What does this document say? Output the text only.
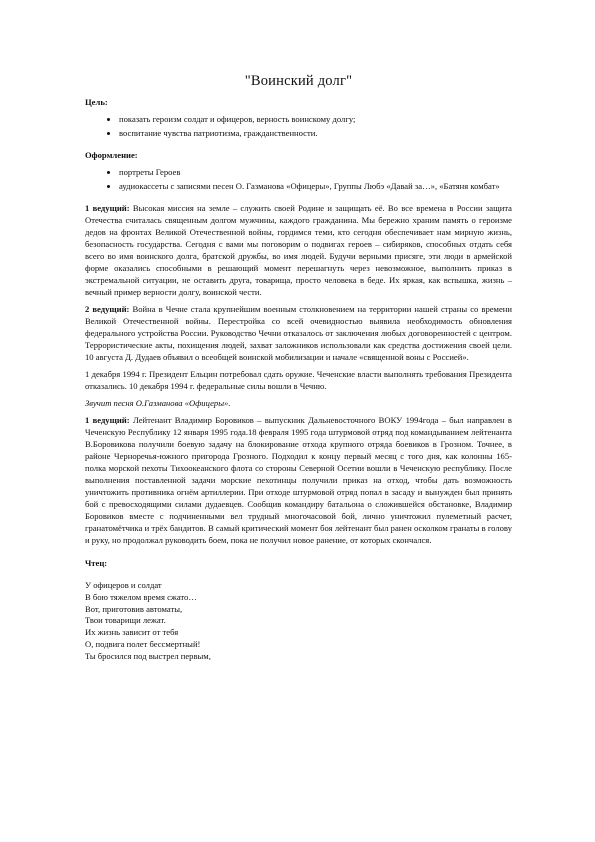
"Воинский долг"
Цель:
• показать героизм солдат и офицеров, верность воинскому долгу;
• воспитание чувства патриотизма, гражданственности.
Оформление:
• портреты Героев
• аудиокассеты с записями песен О. Газманова «Офицеры», Группы Любэ «Давай за…», «Батяня комбат»

1 ведущий: Высокая миссия на земле – служить своей Родине и защищать её. Во все времена в России защита Отечества считалась священным долгом мужчины, каждого гражданина. Мы бережно храним память о героизме дедов на фронтах Великой Отечественной войны, гордимся теми, кто сегодня обеспечивает нам мирную жизнь, безопасность государства. Сегодня с вами мы поговорим о подвигах героев – сибиряков, способных отдать себя всего во имя воинского долга, братской дружбы, во имя людей. Будучи верными присяге, эти люди в армейской форме оказались способными в решающий момент перешагнуть через невозможное, выполнить приказ в экстремальной ситуации, не оставить друга, товарища, просто человека в беде. Их яркая, как вспышка, жизнь – вечный пример верности долгу, воинской чести.

2 ведущий: Война в Чечне стала крупнейшим военным столкновением на территории нашей страны со времени Великой Отечественной войны. Перестройка со всей очевидностью выявила необходимость обновления федерального устройства России. Руководство Чечни отказалось от заключения любых договоренностей с центром. Террористические акты, похищения людей, захват заложников использовали как средства достижения своей цели. 10 августа Д. Дудаев объявил о всеобщей воинской мобилизации и начале «священной воны с Россией».

1 декабря 1994 г. Президент Ельцин потребовал сдать оружие. Чеченские власти выполнять требования Президента отказались. 10 декабря 1994 г. федеральные силы вошли в Чечню.

Звучит песня О.Газманова «Офицеры».

1 ведущий: Лейтенант Владимир Боровиков – выпускник Дальневосточного ВОКУ 1994года – был направлен в Чеченскую Республику 12 января 1995 года.18 февраля 1995 года штурмовой отряд под командыванием лейтенанта В.Боровикова получили боевую задачу на блокирование отхода крупного отряда боевиков в Грозном. Точнее, в районе Черноречья-южного пригорода Грозного. Подходил к концу первый месяц с того дня, как колонны 165-полка морской пехоты Тихоокеанского флота со стороны Северной Осетии вошли в Чеченскую республику. После выполнения поставленной задачи морские пехотинцы получили приказ на отход, чтобы дать возможность уничтожить противника огнём артиллерии. При отходе штурмовой отряд попал в засаду и вынужден был принять бой с превосходящими силами дудаевцев. Сообщив командиру батальона о сложившейся обстановке, Владимир Боровиков вместе с подчиненными вел трудный многочасовой бой, лично уничтожил пулеметный расчет, гранатомётчика и трёх бандитов. В самый критический момент боя лейтенант был ранен осколком гранаты в голову и руку, но продолжал руководить боем, пока не получил новое ранение, от которых скончался.

Чтец:
У офицеров и солдат
В бою тяжелом время сжато…
Вот, приготовив автоматы,
Твои товарищи лежат.
Их жизнь зависит от тебя
О, подвига полет бессмертный!
Ты бросился под выстрел первым,
